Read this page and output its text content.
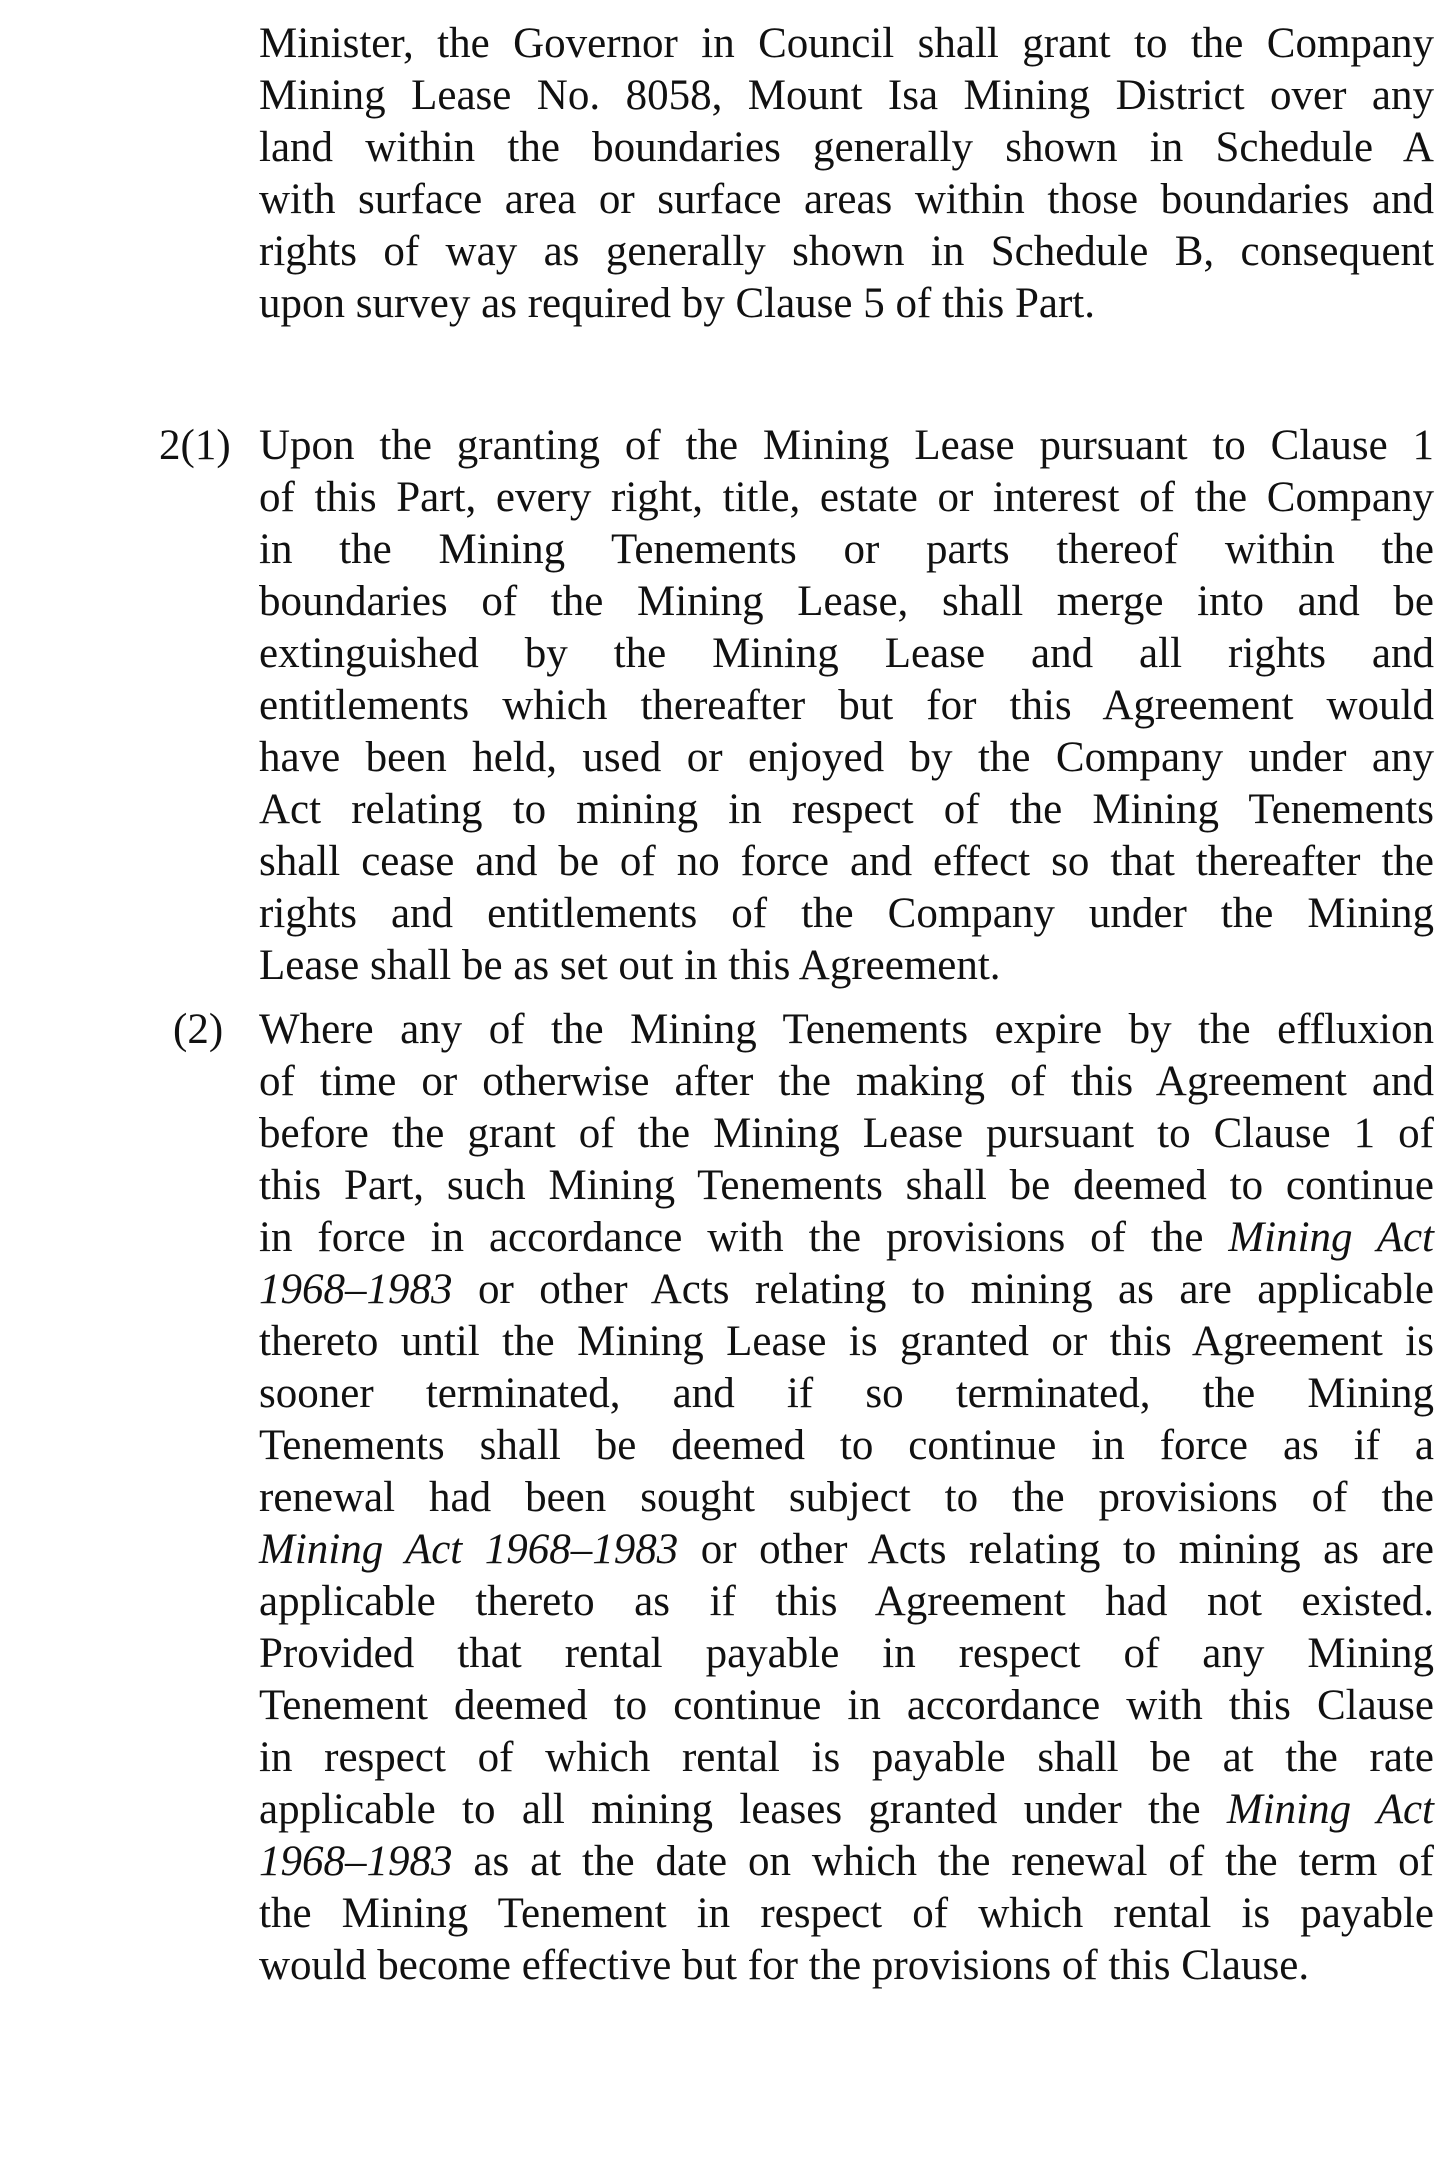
Minister, the Governor in Council shall grant to the Company
Mining Lease No. 8058, Mount Isa Mining District over any
land within the boundaries generally shown in Schedule A
with surface area or surface areas within those boundaries and
rights of way as generally shown in Schedule B, consequent
upon survey as required by Clause 5 of this Part.
2(1) Upon the granting of the Mining Lease pursuant to Clause 1
of this Part, every right, title, estate or interest of the Company
in the Mining Tenements or parts thereof within the
boundaries of the Mining Lease, shall merge into and be
extinguished by the Mining Lease and all rights and
entitlements which thereafter but for this Agreement would
have been held, used or enjoyed by the Company under any
Act relating to mining in respect of the Mining Tenements
shall cease and be of no force and effect so that thereafter the
rights and entitlements of the Company under the Mining
Lease shall be as set out in this Agreement.
(2) Where any of the Mining Tenements expire by the effluxion
of time or otherwise after the making of this Agreement and
before the grant of the Mining Lease pursuant to Clause 1 of
this Part, such Mining Tenements shall be deemed to continue
in force in accordance with the provisions of the Mining Act
1968–1983 or other Acts relating to mining as are applicable
thereto until the Mining Lease is granted or this Agreement is
sooner terminated, and if so terminated, the Mining
Tenements shall be deemed to continue in force as if a
renewal had been sought subject to the provisions of the
Mining Act 1968–1983 or other Acts relating to mining as are
applicable thereto as if this Agreement had not existed.
Provided that rental payable in respect of any Mining
Tenement deemed to continue in accordance with this Clause
in respect of which rental is payable shall be at the rate
applicable to all mining leases granted under the Mining Act
1968–1983 as at the date on which the renewal of the term of
the Mining Tenement in respect of which rental is payable
would become effective but for the provisions of this Clause.
